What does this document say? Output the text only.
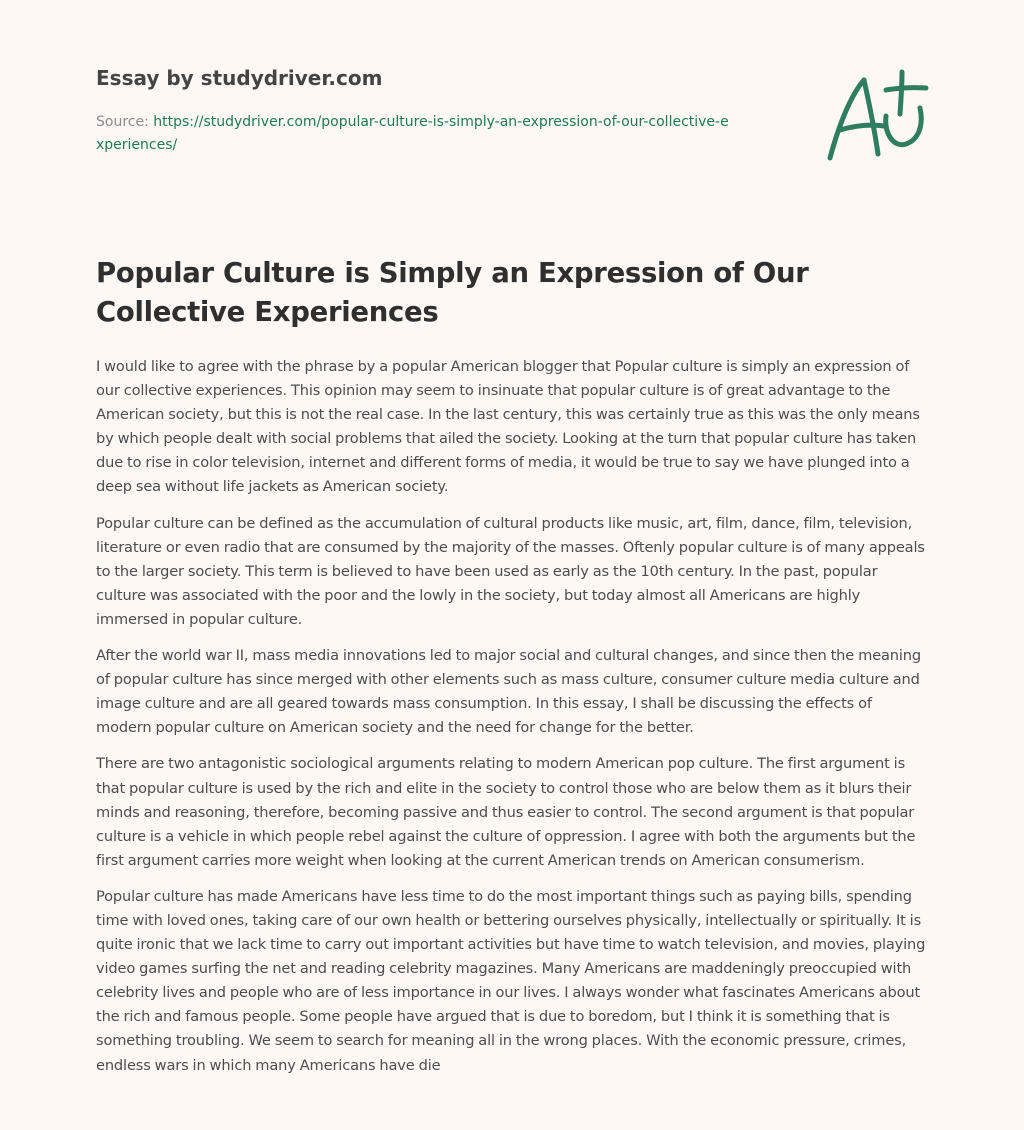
Essay by studydriver.com
Source: https://studydriver.com/popular-culture-is-simply-an-expression-of-our-collective-experiences/
Popular Culture is Simply an Expression of Our Collective Experiences

I would like to agree with the phrase by a popular American blogger that Popular culture is simply an expression of our collective experiences. This opinion may seem to insinuate that popular culture is of great advantage to the American society, but this is not the real case. In the last century, this was certainly true as this was the only means by which people dealt with social problems that ailed the society. Looking at the turn that popular culture has taken due to rise in color television, internet and different forms of media, it would be true to say we have plunged into a deep sea without life jackets as American society.

Popular culture can be defined as the accumulation of cultural products like music, art, film, dance, film, television, literature or even radio that are consumed by the majority of the masses. Oftenly popular culture is of many appeals to the larger society. This term is believed to have been used as early as the 10th century. In the past, popular culture was associated with the poor and the lowly in the society, but today almost all Americans are highly immersed in popular culture.

After the world war II, mass media innovations led to major social and cultural changes, and since then the meaning of popular culture has since merged with other elements such as mass culture, consumer culture media culture and image culture and are all geared towards mass consumption. In this essay, I shall be discussing the effects of modern popular culture on American society and the need for change for the better.

There are two antagonistic sociological arguments relating to modern American pop culture. The first argument is that popular culture is used by the rich and elite in the society to control those who are below them as it blurs their minds and reasoning, therefore, becoming passive and thus easier to control. The second argument is that popular culture is a vehicle in which people rebel against the culture of oppression. I agree with both the arguments but the first argument carries more weight when looking at the current American trends on American consumerism.

Popular culture has made Americans have less time to do the most important things such as paying bills, spending time with loved ones, taking care of our own health or bettering ourselves physically, intellectually or spiritually. It is quite ironic that we lack time to carry out important activities but have time to watch television, and movies, playing video games surfing the net and reading celebrity magazines. Many Americans are maddeningly preoccupied with celebrity lives and people who are of less importance in our lives. I always wonder what fascinates Americans about the rich and famous people. Some people have argued that is due to boredom, but I think it is something that is something troubling. We seem to search for meaning all in the wrong places. With the economic pressure, crimes, endless wars in which many Americans have die
